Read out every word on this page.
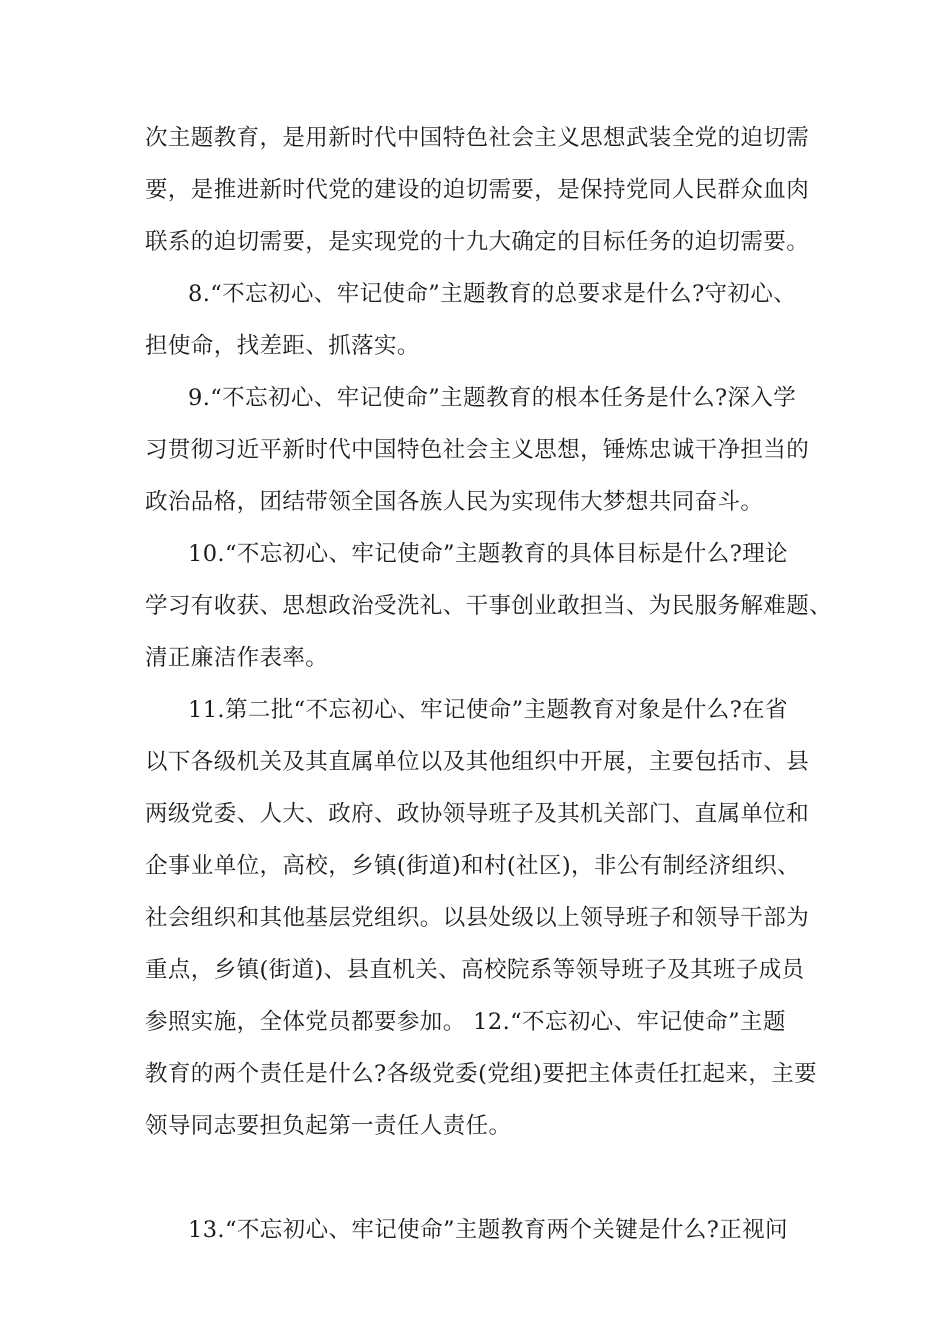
次主题教育，是用新时代中国特色社会主义思想武装全党的迫切需
要，是推进新时代党的建设的迫切需要，是保持党同人民群众血肉
联系的迫切需要，是实现党的十九大确定的目标任务的迫切需要。
8.“不忘初心、牢记使命”主题教育的总要求是什么?守初心、
担使命，找差距、抓落实。
9.“不忘初心、牢记使命”主题教育的根本任务是什么?深入学
习贯彻习近平新时代中国特色社会主义思想，锤炼忠诚干净担当的
政治品格，团结带领全国各族人民为实现伟大梦想共同奋斗。
10.“不忘初心、牢记使命”主题教育的具体目标是什么?理论
学习有收获、思想政治受洗礼、干事创业敢担当、为民服务解难题、
清正廉洁作表率。
11.第二批“不忘初心、牢记使命”主题教育对象是什么?在省
以下各级机关及其直属单位以及其他组织中开展，主要包括市、县
两级党委、人大、政府、政协领导班子及其机关部门、直属单位和
企事业单位，高校，乡镇(街道)和村(社区)，非公有制经济组织、
社会组织和其他基层党组织。以县处级以上领导班子和领导干部为
重点，乡镇(街道)、县直机关、高校院系等领导班子及其班子成员
参照实施，全体党员都要参加。 12.“不忘初心、牢记使命”主题
教育的两个责任是什么?各级党委(党组)要把主体责任扛起来，主要
领导同志要担负起第一责任人责任。
13.“不忘初心、牢记使命”主题教育两个关键是什么?正视问
